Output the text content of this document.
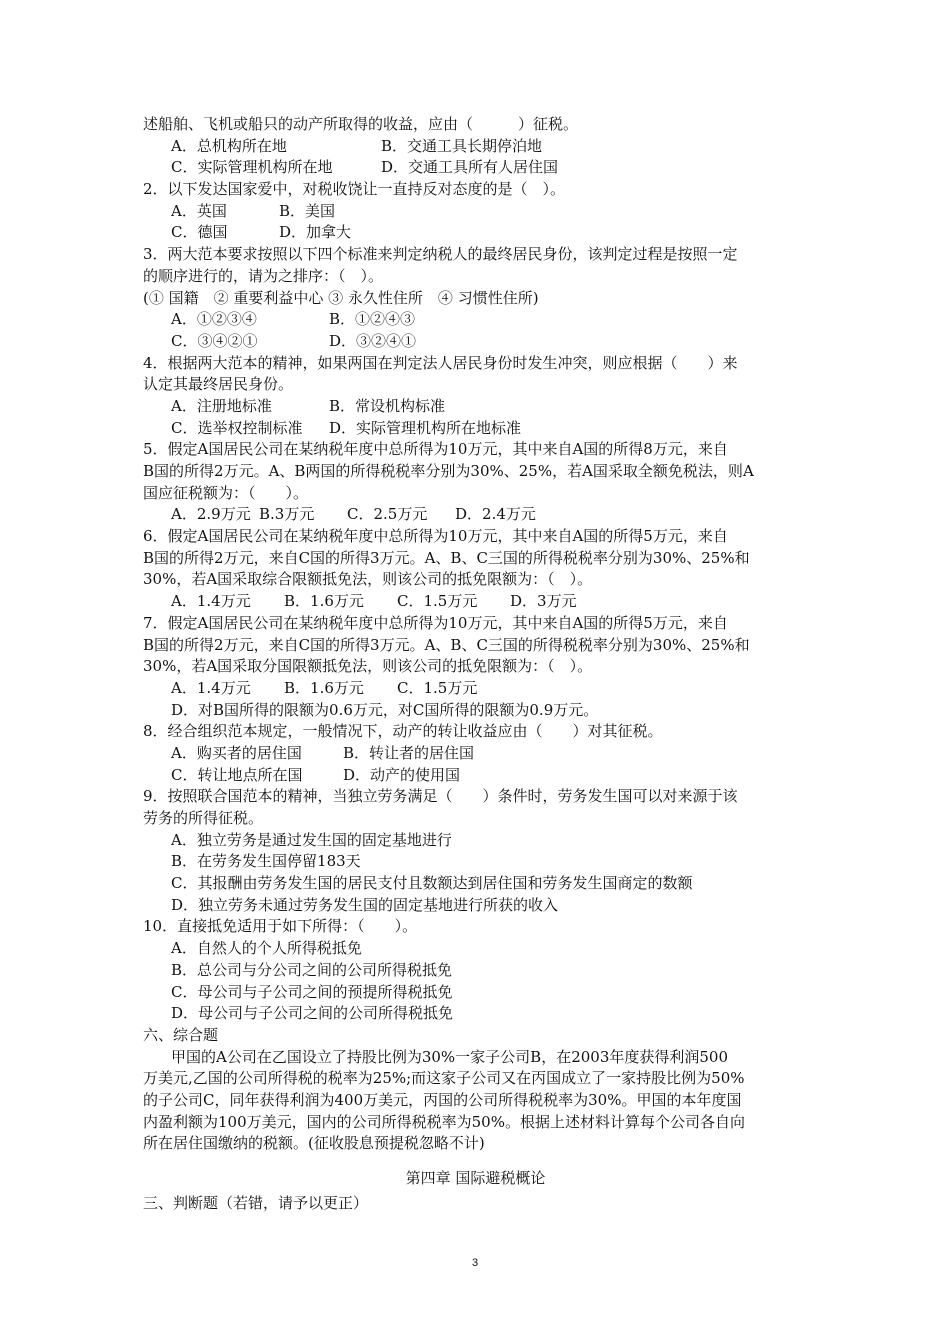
述船舶、飞机或船只的动产所取得的收益，应由（　　　）征税。
A．总机构所在地	B．交通工具长期停泊地
C．实际管理机构所在地	D．交通工具所有人居住国
2．以下发达国家爱中，对税收饶让一直持反对态度的是（　）。
A．英国	B．美国
C．德国	D．加拿大
3．两大范本要求按照以下四个标准来判定纳税人的最终居民身份，该判定过程是按照一定
的顺序进行的，请为之排序：（　）。
(① 国籍　② 重要利益中心 ③ 永久性住所　④ 习惯性住所)
A．①②③④	B．①②④③
C．③④②①	D．③②④①
4．根据两大范本的精神，如果两国在判定法人居民身份时发生冲突，则应根据（　　）来
认定其最终居民身份。
A．注册地标准	B．常设机构标准
C．选举权控制标准	D．实际管理机构所在地标准
5．假定A国居民公司在某纳税年度中总所得为10万元，其中来自A国的所得8万元，来自
B国的所得2万元。A、B两国的所得税税率分别为30%、25%，若A国采取全额免税法，则A
国应征税额为：（　　）。
A．2.9万元 B.3万元	C．2.5万元	D．2.4万元
6．假定A国居民公司在某纳税年度中总所得为10万元，其中来自A国的所得5万元，来自
B国的所得2万元，来自C国的所得3万元。A、B、C三国的所得税税率分别为30%、25%和
30%，若A国采取综合限额抵免法，则该公司的抵免限额为：（　）。
A．1.4万元	B．1.6万元	C．1.5万元	D．3万元
7．假定A国居民公司在某纳税年度中总所得为10万元，其中来自A国的所得5万元，来自
B国的所得2万元，来自C国的所得3万元。A、B、C三国的所得税税率分别为30%、25%和
30%，若A国采取分国限额抵免法，则该公司的抵免限额为：（　）。
A．1.4万元	B．1.6万元	C．1.5万元
D．对B国所得的限额为0.6万元，对C国所得的限额为0.9万元。
8．经合组织范本规定，一般情况下，动产的转让收益应由（　　）对其征税。
A．购买者的居住国	B．转让者的居住国
C．转让地点所在国	D．动产的使用国
9．按照联合国范本的精神，当独立劳务满足（　　）条件时，劳务发生国可以对来源于该
劳务的所得征税。
A．独立劳务是通过发生国的固定基地进行
B．在劳务发生国停留183天
C．其报酬由劳务发生国的居民支付且数额达到居住国和劳务发生国商定的数额
D．独立劳务未通过劳务发生国的固定基地进行所获的收入
10．直接抵免适用于如下所得：（　　）。
A．自然人的个人所得税抵免
B．总公司与分公司之间的公司所得税抵免
C．母公司与子公司之间的预提所得税抵免
D．母公司与子公司之间的公司所得税抵免
六、综合题
甲国的A公司在乙国设立了持股比例为30%一家子公司B，在2003年度获得利润500
万美元,乙国的公司所得税的税率为25%;而这家子公司又在丙国成立了一家持股比例为50%
的子公司C，同年获得利润为400万美元，丙国的公司所得税税率为30%。甲国的本年度国
内盈利额为100万美元，国内的公司所得税税率为50%。根据上述材料计算每个公司各自向
所在居住国缴纳的税额。(征收股息预提税忽略不计)
第四章 国际避税概论
三、判断题（若错，请予以更正）
3
